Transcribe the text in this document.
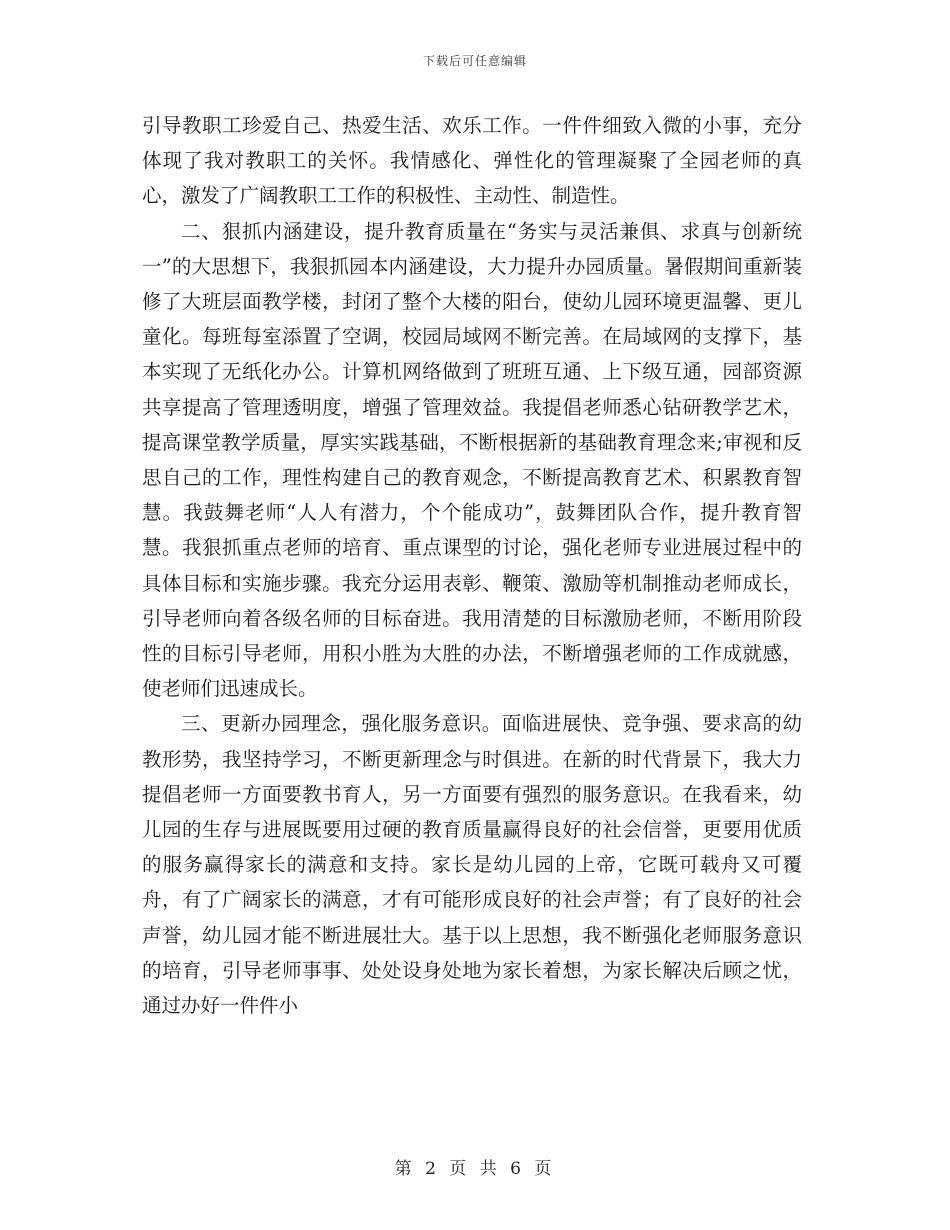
下载后可任意编辑

引导教职工珍爱自己、热爱生活、欢乐工作。一件件细致入微的小事，充分体现了我对教职工的关怀。我情感化、弹性化的管理凝聚了全园老师的真心，激发了广阔教职工工作的积极性、主动性、制造性。

二、狠抓内涵建设，提升教育质量在“务实与灵活兼俱、求真与创新统一”的大思想下，我狠抓园本内涵建设，大力提升办园质量。暑假期间重新装修了大班层面教学楼，封闭了整个大楼的阳台，使幼儿园环境更温馨、更儿童化。每班每室添置了空调，校园局域网不断完善。在局域网的支撑下，基本实现了无纸化办公。计算机网络做到了班班互通、上下级互通，园部资源共享提高了管理透明度，增强了管理效益。我提倡老师悉心钻研教学艺术，提高课堂教学质量，厚实实践基础，不断根据新的基础教育理念来;审视和反思自己的工作，理性构建自己的教育观念，不断提高教育艺术、积累教育智慧。我鼓舞老师“人人有潜力，个个能成功”，鼓舞团队合作，提升教育智慧。我狠抓重点老师的培育、重点课型的讨论，强化老师专业进展过程中的具体目标和实施步骤。我充分运用表彰、鞭策、激励等机制推动老师成长，引导老师向着各级名师的目标奋进。我用清楚的目标激励老师，不断用阶段性的目标引导老师，用积小胜为大胜的办法，不断增强老师的工作成就感，使老师们迅速成长。

三、更新办园理念，强化服务意识。面临进展快、竞争强、要求高的幼教形势，我坚持学习，不断更新理念与时俱进。在新的时代背景下，我大力提倡老师一方面要教书育人，另一方面要有强烈的服务意识。在我看来，幼儿园的生存与进展既要用过硬的教育质量赢得良好的社会信誉，更要用优质的服务赢得家长的满意和支持。家长是幼儿园的上帝，它既可载舟又可覆舟，有了广阔家长的满意，才有可能形成良好的社会声誉；有了良好的社会声誉，幼儿园才能不断进展壮大。基于以上思想，我不断强化老师服务意识的培育，引导老师事事、处处设身处地为家长着想，为家长解决后顾之忧，通过办好一件件小

第 2 页 共 6 页
